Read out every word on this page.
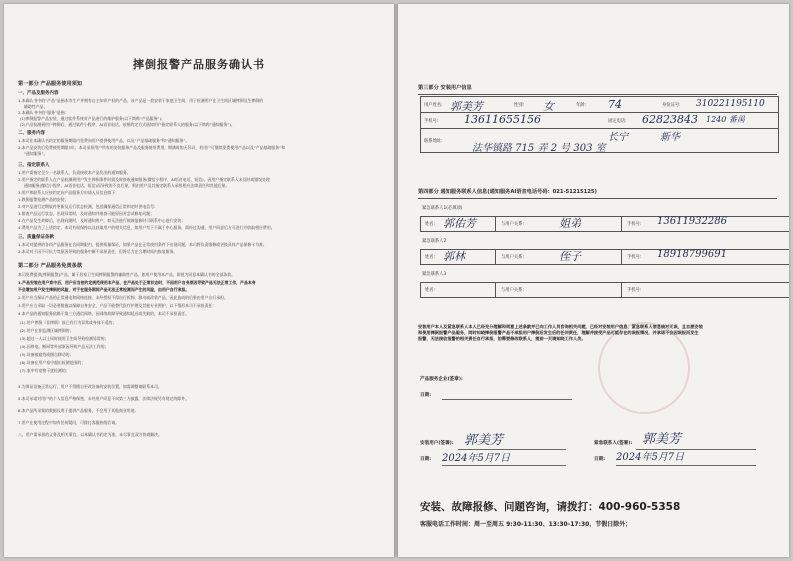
摔倒报警产品服务确认书
第一部分 产品服务使用须知
一、产品及服务内容
1.本确认书中的“产品”是指本市生产并拥有自主知识产权的产品，该产品是一款安装于家庭卫生间，用于检测用户在卫生间区域摔倒及生摔倒的
辅助性产品。
2.本确认书中的“服务”是指：
(1)摔倒报警产品安装，通过软件系统对产品进行的维护服务(以下简称“产品服务”)；
(2)产品检测到用户摔倒后，通过软件小程序、AI语音电话，按照约定方式通知用户指定联系人的服务(以下简称“通知服务”)。
二、服务内容
1.本司在本确认书约定的服务期限内免费向用户提供使用产品，以及“产品基础服务”和“通知服务”。
2.本产品安装后免费使用期限3年，本司承担用户所有的安装服务产品及服务使用费用，期满时如无异议，若用户可继续免费使用产品以及“产品基础服务”和
“通知服务”。
三、指定联系人
1.用户需指定至少一名联系人，负责接收本产品发出的通知服务。
2.用户指定的联系人在产品检测到用户发生摔倒事件时需及时接收通知服务(微信小程序、AI语音电话、短信)，因用户指定联系人未及时或错误处理
通知服务(微信小程序、AI语音电话、短信)而导致的不良后果，须由用户及其指定联系人承担相应法律责任和其他后果。
3.用户和联系人应按约定向产品服务方申请人员信息如下：
1.跌倒报警检测产品的安装；
2.对产品进行定期软件更新及运行状态检测，包括确保通信正常和定时供电信号；
3.排查产品运行状态，出现异常时，及时通知并排查可能原因并尝试修复问题；
4.在产品发生故障后，出现问题时，及时通知用户，如无法进行故障报修时可联系中心进行安装；
4.费用产品为了上述约定，本司有权保持以及获取用户的相关信息，如用户有下不属于中心服务，需经过沟通，用户同意后方可进行并收取相应费用。
三、质量保证条款
1.本司对提供的各项产品服务在合同期限内，提供质量保证，如果产品在正常使用条件下出现问题，本司将负责维修或更换具体产品保修卡为准。
2.本司对于因不可抗力等原因导致的服务中断不承担责任，但将尽力在合理时间内恢复服务。
第二部分 产品服务免责条款
本司免费提供[摔倒报警]产品，属于居家卫生间摔倒报警的辅助性产品，如用户使用本产品，即视为同意本确认书的全部条款。
1.产品安装在用户家中后，用户应当按约定规范使用本产品，在产品处于正常状态时，不因用户自身原因导致产品无法正常工作，产品本身
不会增加用户发生摔倒的风险，对于在服务期间产品无法正常检测而产生的风险，由用户自行承担。
2.用户应当保证产品的正常通电和网络连接，未经授权不得自行拆卸、移动或改装产品，因此造成的后果由用户自行承担。
3.用户应当采取一切必要措施以保障自身安全，产品不能替代医疗护理及其他专业照护，以下情形本司不承担责任：
4.本产品的通知服务依赖于第三方通信网络，因网络故障导致通知延迟或失败的，本司不承担责任。
(1).用户摔倒（非摔倒）前已有行为异常或身体不适的；
(2).用户在非监测区域摔倒的；
(3).超过一人以上同时使用卫生间导致检测异常的；
(4).因停电、断网等外部原因导致产品无法工作的；
(5).设备被遮挡或擅自移动的；
(6).设备在用户家中超出检测范围的；
(7).家中有宠物干扰检测的；
5.为保证设备正常运行，用户不得擅自更改设备的安装位置，如需调整请联系本司。
5.本司承诺对用户的个人信息严格保密，未经用户同意不向第三方披露，法律法规另有规定的除外。
6.本产品所采集的数据仅用于提供产品服务，不会用于其他商业用途。
7.用户在使用过程中如有任何疑问，可拨打客服热线咨询。
八、用户需承担的义务及相关事宜，以本确认书约定为准，未尽事宜双方协商解决。
第三部分 安装用户信息
用户姓名: 郭美芳	性别: 女	年龄: 74	身份证号: 310221195110
手机号: 13611655156	固定电话: 62823843 1240 番禺
联系地址:	长宁	新华
法华镇路 715 弄 2 号 303 室
第四部分 通知服务联系人信息(通知服务AI语音电话号码：021-51215125)
紧急联系人1(必填项)
姓名: 郭佑芳	与用户关系:	姐弟	手机号: 13611932286
紧急联系人2
姓名: 郭林	与用户关系:	侄子	手机号: 18918799691
紧急联系人3
姓名:	与用户关系:	手机号:
安装用户本人及紧急联系人本人已经充分理解和同意上述条款并已向工作人员咨询相关问题，已经对安装用户信息、紧急联系人信息核对无误，且自愿安装
和使用摔倒报警产品服务，同时知晓摔倒报警产品不承担用户摔倒后发生后的任何责任，理解并接受产品可能存在的误报情况，并承诺不会因误报而发生
报警，无法接收报警的相关责任自行承担，如需要修改联系人，提前一天请知晓工作人员。
产品服务企业(签章):
日期:
安装用户(签署): 郭美芳
日期: 2024年5月7日
紧急联系人(签署): 郭美芳
日期: 2024年5月7日
安装、故障报修、问题咨询，请拨打：400-960-5358
客服电话工作时间：周一至周五 9:30-11:30、13:30-17:30，节假日除外；
